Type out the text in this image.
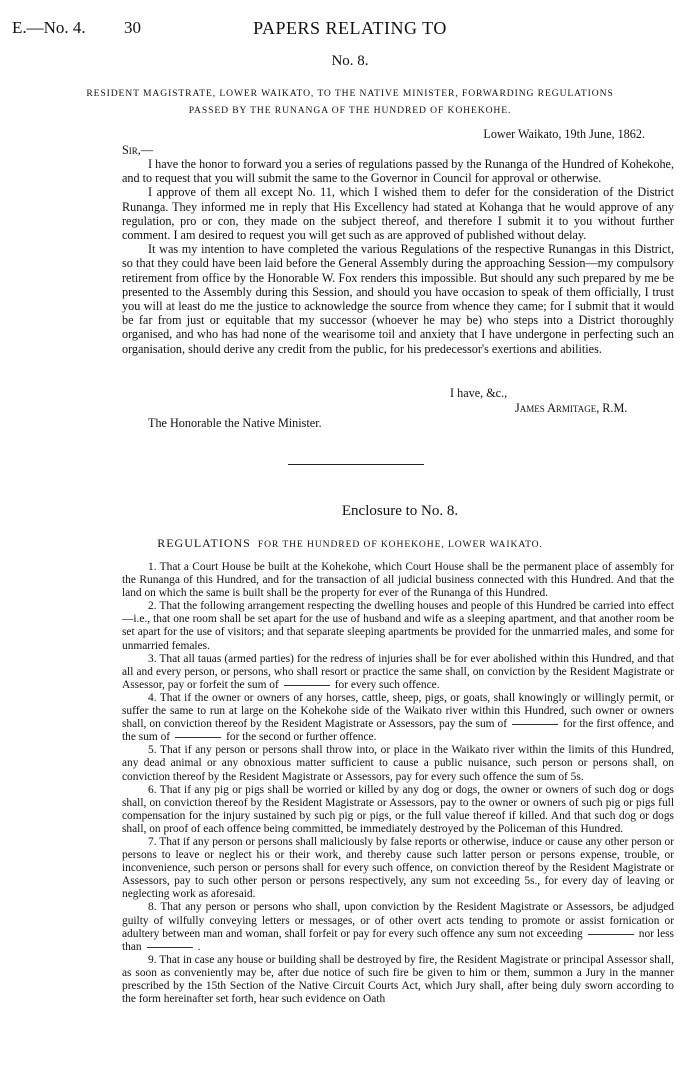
E.—No. 4. 30	PAPERS RELATING TO
No. 8.
RESIDENT MAGISTRATE, LOWER WAIKATO, TO THE NATIVE MINISTER, FORWARDING REGULATIONS
PASSED BY THE RUNANGA OF THE HUNDRED OF KOHEKOHE.
Lower Waikato, 19th June, 1862.
Sir,—

I have the honor to forward you a series of regulations passed by the Runanga of the Hundred of Kohekohe, and to request that you will submit the same to the Governor in Council for approval or otherwise.

I approve of them all except No. 11, which I wished them to defer for the consideration of the District Runanga. They informed me in reply that His Excellency had stated at Kohanga that he would approve of any regulation, pro or con, they made on the subject thereof, and therefore I submit it to you without further comment. I am desired to request you will get such as are approved of published without delay.

It was my intention to have completed the various Regulations of the respective Runangas in this District, so that they could have been laid before the General Assembly during the approaching Session—my compulsory retirement from office by the Honorable W. Fox renders this impossible. But should any such prepared by me be presented to the Assembly during this Session, and should you have occasion to speak of them officially, I trust you will at least do me the justice to acknowledge the source from whence they came; for I submit that it would be far from just or equitable that my successor (whoever he may be) who steps into a District thoroughly organised, and who has had none of the wearisome toil and anxiety that I have undergone in perfecting such an organisation, should derive any credit from the public, for his predecessor's exertions and abilities.

I have, &c.,
James Armitage, R.M.
The Honorable the Native Minister.
Enclosure to No. 8.
REGULATIONS FOR THE HUNDRED OF KOHEKOHE, LOWER WAIKATO.

1. That a Court House be built at the Kohekohe, which Court House shall be the permanent place of assembly for the Runanga of this Hundred, and for the transaction of all judicial business connected with this Hundred. And that the land on which the same is built shall be the property for ever of the Runanga of this Hundred.

2. That the following arrangement respecting the dwelling houses and people of this Hundred be carried into effect—i.e., that one room shall be set apart for the use of husband and wife as a sleeping apartment, and that another room be set apart for the use of visitors; and that separate sleeping apartments be provided for the unmarried males, and some for unmarried females.

3. That all tauas (armed parties) for the redress of injuries shall be for ever abolished within this Hundred, and that all and every person, or persons, who shall resort or practice the same shall, on conviction by the Resident Magistrate or Assessor, pay or forfeit the sum of	for every such offence.

4. That if the owner or owners of any horses, cattle, sheep, pigs, or goats, shall knowingly or willingly permit, or suffer the same to run at large on the Kohekohe side of the Waikato river within this Hundred, such owner or owners shall, on conviction thereof by the Resident Magistrate or Assessors, pay the sum of	for the first offence, and the sum of	for the second or further offence.

5. That if any person or persons shall throw into, or place in the Waikato river within the limits of this Hundred, any dead animal or any obnoxious matter sufficient to cause a public nuisance, such person or persons shall, on conviction thereof by the Resident Magistrate or Assessors, pay for every such offence the sum of 5s.

6. That if any pig or pigs shall be worried or killed by any dog or dogs, the owner or owners of such dog or dogs shall, on conviction thereof by the Resident Magistrate or Assessors, pay to the owner or owners of such pig or pigs full compensation for the injury sustained by such pig or pigs, or the full value thereof if killed. And that such dog or dogs shall, on proof of each offence being committed, be immediately destroyed by the Policeman of this Hundred.

7. That if any person or persons shall maliciously by false reports or otherwise, induce or cause any other person or persons to leave or neglect his or their work, and thereby cause such latter person or persons expense, trouble, or inconvenience, such person or persons shall for every such offence, on conviction thereof by the Resident Magistrate or Assessors, pay to such other person or persons respectively, any sum not exceeding 5s., for every day of leaving or neglecting work as aforesaid.

8. That any person or persons who shall, upon conviction by the Resident Magistrate or Assessors, be adjudged guilty of wilfully conveying letters or messages, or of other overt acts tending to promote or assist fornication or adultery between man and woman, shall forfeit or pay for every such offence any sum not exceeding	nor less than	.

9. That in case any house or building shall be destroyed by fire, the Resident Magistrate or principal Assessor shall, as soon as conveniently may be, after due notice of such fire be given to him or them, summon a Jury in the manner prescribed by the 15th Section of the Native Circuit Courts Act, which Jury shall, after being duly sworn according to the form hereinafter set forth, hear such evidence on Oath
